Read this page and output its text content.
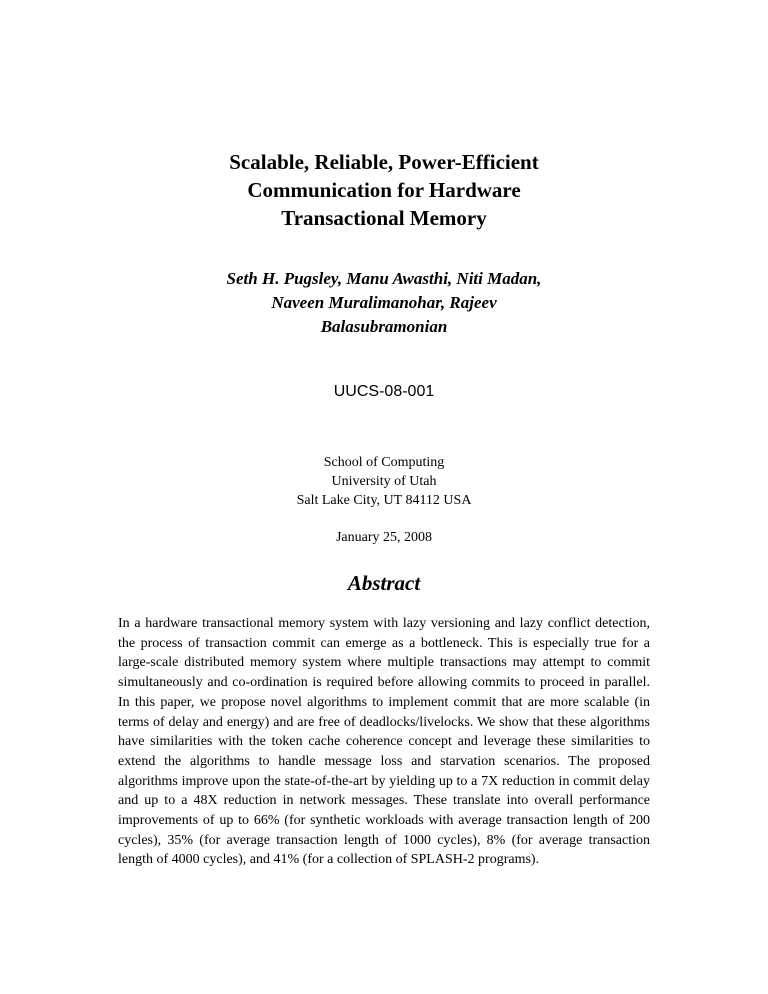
Scalable, Reliable, Power-Efficient
Communication for Hardware
Transactional Memory
Seth H. Pugsley, Manu Awasthi, Niti Madan,
Naveen Muralimanohar, Rajeev
Balasubramonian
UUCS-08-001
School of Computing
University of Utah
Salt Lake City, UT 84112 USA
January 25, 2008
Abstract
In a hardware transactional memory system with lazy versioning and lazy conflict detection, the process of transaction commit can emerge as a bottleneck. This is especially true for a large-scale distributed memory system where multiple transactions may attempt to commit simultaneously and co-ordination is required before allowing commits to proceed in parallel. In this paper, we propose novel algorithms to implement commit that are more scalable (in terms of delay and energy) and are free of deadlocks/livelocks. We show that these algorithms have similarities with the token cache coherence concept and leverage these similarities to extend the algorithms to handle message loss and starvation scenarios. The proposed algorithms improve upon the state-of-the-art by yielding up to a 7X reduction in commit delay and up to a 48X reduction in network messages. These translate into overall performance improvements of up to 66% (for synthetic workloads with average transaction length of 200 cycles), 35% (for average transaction length of 1000 cycles), 8% (for average transaction length of 4000 cycles), and 41% (for a collection of SPLASH-2 programs).
